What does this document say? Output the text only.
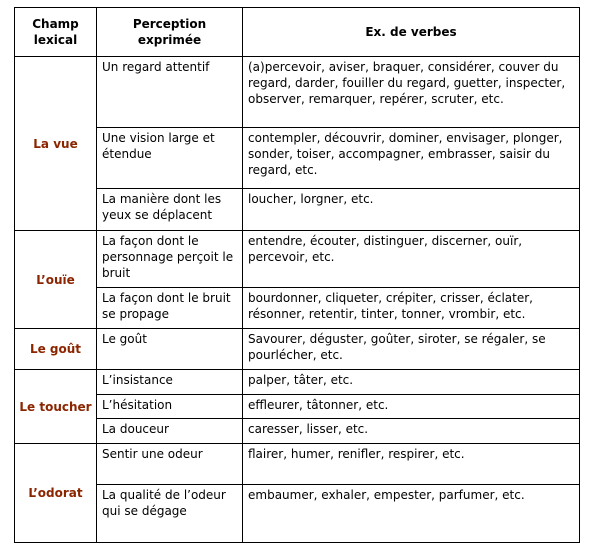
Champ lexical	Perception exprimée	Ex. de verbes
La vue	Un regard attentif	(a)percevoir, aviser, braquer, considérer, couver du regard, darder, fouiller du regard, guetter, inspecter, observer, remarquer, repérer, scruter, etc.
	Une vision large et étendue	contempler, découvrir, dominer, envisager, plonger, sonder, toiser, accompagner, embrasser, saisir du regard, etc.
	La manière dont les yeux se déplacent	loucher, lorgner, etc.
L’ouïe	La façon dont le personnage perçoit le bruit	entendre, écouter, distinguer, discerner, ouïr, percevoir, etc.
	La façon dont le bruit se propage	bourdonner, cliqueter, crépiter, crisser, éclater, résonner, retentir, tinter, tonner, vrombir, etc.
Le goût	Le goût	Savourer, déguster, goûter, siroter, se régaler, se pourlécher, etc.
Le toucher	L’insistance	palper, tâter, etc.
	L’hésitation	effleurer, tâtonner, etc.
	La douceur	caresser, lisser, etc.
L’odorat	Sentir une odeur	flairer, humer, renifler, respirer, etc.
	La qualité de l’odeur qui se dégage	embaumer, exhaler, empester, parfumer, etc.
